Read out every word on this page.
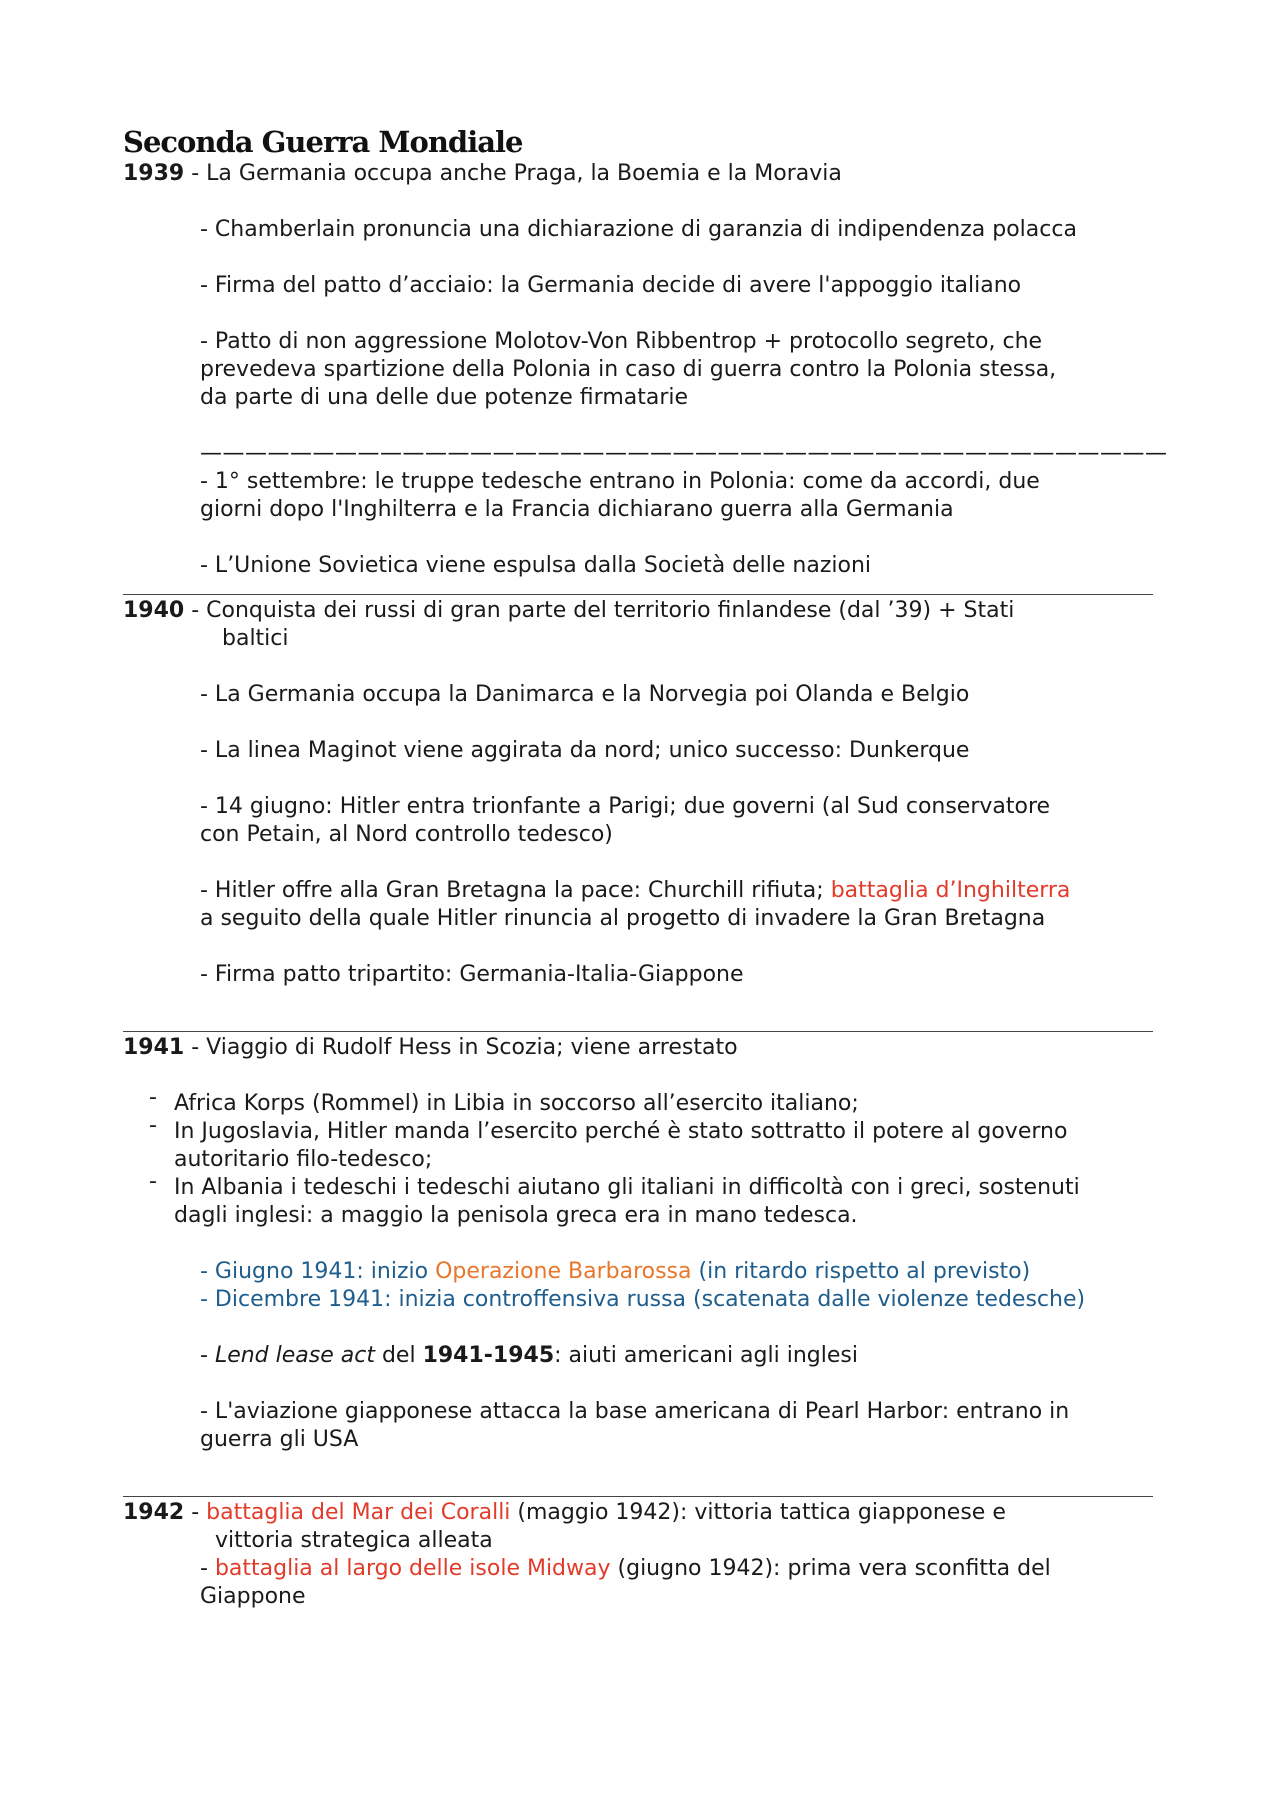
Seconda Guerra Mondiale

1939 - La Germania occupa anche Praga, la Boemia e la Moravia

- Chamberlain pronuncia una dichiarazione di garanzia di indipendenza polacca

- Firma del patto d’acciaio: la Germania decide di avere l'appoggio italiano

- Patto di non aggressione Molotov-Von Ribbentrop + protocollo segreto, che

prevedeva spartizione della Polonia in caso di guerra contro la Polonia stessa,

da parte di una delle due potenze firmatarie

———————————————————————————————————————————

- 1° settembre: le truppe tedesche entrano in Polonia: come da accordi, due

giorni dopo l'Inghilterra e la Francia dichiarano guerra alla Germania

- L’Unione Sovietica viene espulsa dalla Società delle nazioni

1940 - Conquista dei russi di gran parte del territorio finlandese (dal ’39) + Stati

baltici

- La Germania occupa la Danimarca e la Norvegia poi Olanda e Belgio

- La linea Maginot viene aggirata da nord; unico successo: Dunkerque

- 14 giugno: Hitler entra trionfante a Parigi; due governi (al Sud conservatore

con Petain, al Nord controllo tedesco)

- Hitler offre alla Gran Bretagna la pace: Churchill rifiuta; battaglia d’Inghilterra

a seguito della quale Hitler rinuncia al progetto di invadere la Gran Bretagna

- Firma patto tripartito: Germania-Italia-Giappone

1941 - Viaggio di Rudolf Hess in Scozia; viene arrestato

- Africa Korps (Rommel) in Libia in soccorso all’esercito italiano;

- In Jugoslavia, Hitler manda l’esercito perché è stato sottratto il potere al governo

autoritario filo-tedesco;

- In Albania i tedeschi i tedeschi aiutano gli italiani in difficoltà con i greci, sostenuti

dagli inglesi: a maggio la penisola greca era in mano tedesca.

- Giugno 1941: inizio Operazione Barbarossa (in ritardo rispetto al previsto)

- Dicembre 1941: inizia controffensiva russa (scatenata dalle violenze tedesche)

- Lend lease act del 1941-1945: aiuti americani agli inglesi

- L'aviazione giapponese attacca la base americana di Pearl Harbor: entrano in

guerra gli USA

1942 - battaglia del Mar dei Coralli (maggio 1942): vittoria tattica giapponese e

vittoria strategica alleata

- battaglia al largo delle isole Midway (giugno 1942): prima vera sconfitta del

Giappone
